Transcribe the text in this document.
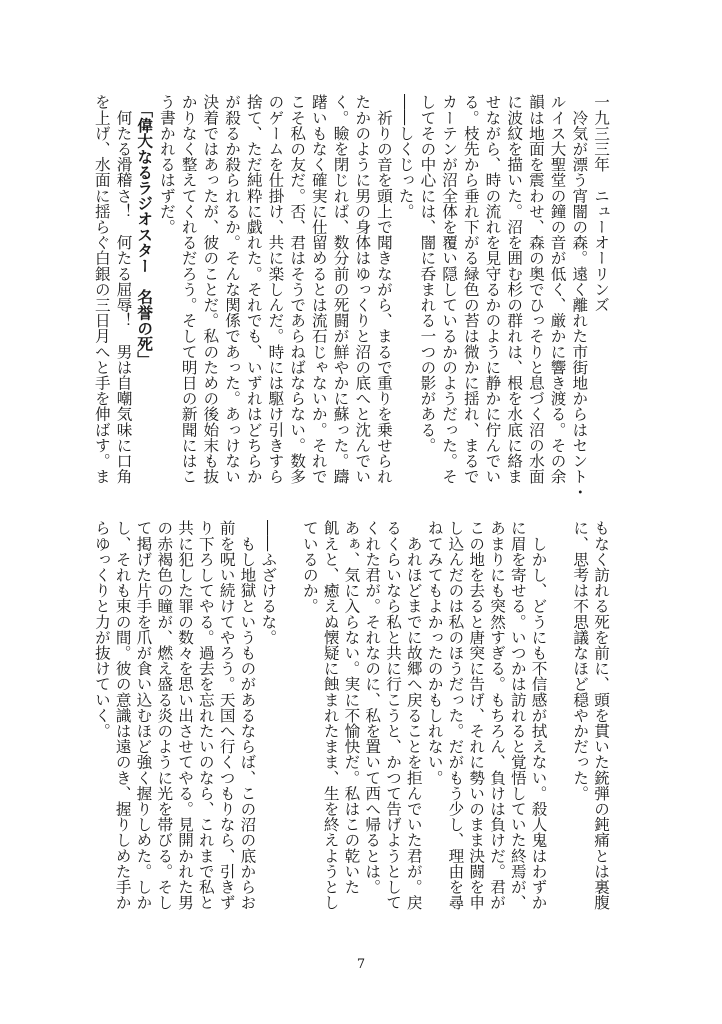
一九三三年　ニューオーリンズ
　冷気が漂う宵闇の森。遠く離れた市街地からはセント・
ルイス大聖堂の鐘の音が低く、厳かに響き渡る。その余
韻は地面を震わせ、森の奥でひっそりと息づく沼の水面
に波紋を描いた。沼を囲む杉の群れは、根を水底に絡ま
せながら、時の流れを見守るかのように静かに佇んでい
る。枝先から垂れ下がる緑色の苔は微かに揺れ、まるで
カーテンが沼全体を覆い隠しているかのようだった。そ
してその中心には、闇に呑まれる一つの影がある。
――しくじった。
　祈りの音を頭上で聞きながら、まるで重りを乗せられ
たかのように男の身体はゆっくりと沼の底へと沈んでい
く。瞼を閉じれば、数分前の死闘が鮮やかに蘇った。躊
躇いもなく確実に仕留めるとは流石じゃないか。それで
こそ私の友だ。否、君はそうであらねばならない。数多
のゲームを仕掛け、共に楽しんだ。時には駆け引きすら
捨て、ただ純粋に戯れた。それでも、いずれはどちらか
が殺るか殺られるか。そんな関係であった。あっけない
決着ではあったが、彼のことだ。私のための後始末も抜
かりなく整えてくれるだろう。そして明日の新聞にはこ
う書かれるはずだ。
　「偉大なるラジオスター　名誉の死」
　何たる滑稽さ！　何たる屈辱！　男は自嘲気味に口角
を上げ、水面に揺らぐ白銀の三日月へと手を伸ばす。ま
もなく訪れる死を前に、頭を貫いた銃弾の鈍痛とは裏腹
に、思考は不思議なほど穏やかだった。
　しかし、どうにも不信感が拭えない。殺人鬼はわずか
に眉を寄せる。いつかは訪れると覚悟していた終焉が、
あまりにも突然すぎる。もちろん、負けは負けだ。君が
この地を去ると唐突に告げ、それに勢いのまま決闘を申
し込んだのは私のほうだった。だがもう少し、理由を尋
ねてみてもよかったのかもしれない。
　あれほどまでに故郷へ戻ることを拒んでいた君が。戻
るくらいなら私と共に行こうと、かつて告げようとして
くれた君が。それなのに、私を置いて西へ帰るとは。
あぁ、気に入らない。実に不愉快だ。私はこの乾いた
飢えと、癒えぬ懐疑に蝕まれたまま、生を終えようとし
ているのか。
――ふざけるな。
　もし地獄というものがあるならば、この沼の底からお
前を呪い続けてやろう。天国へ行くつもりなら、引きず
り下ろしてやる。過去を忘れたいのなら、これまで私と
共に犯した罪の数々を思い出させてやる。見開かれた男
の赤褐色の瞳が、燃え盛る炎のように光を帯びる。そし
て掲げた片手を爪が食い込むほど強く握りしめた。しか
し、それも束の間。彼の意識は遠のき、握りしめた手か
らゆっくりと力が抜けていく。
7
